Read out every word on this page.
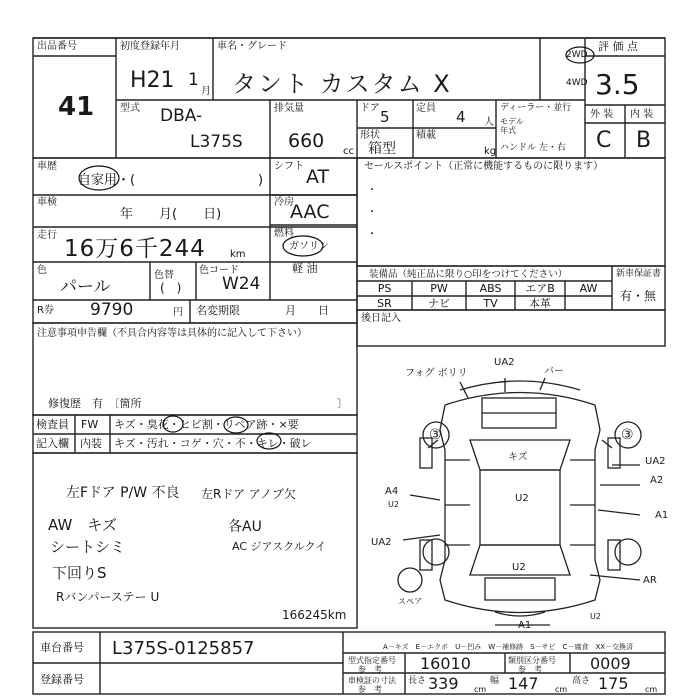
出品番号
41
初度登録年月
H21 1
月
車名・グレード
タント カスタム X
2WD
4WD
評 価 点
3.5
型式 DBA-
L375S
排気量
660 cc
ドア 5	定員 4 人
形状
箱型
積載
kg
ディーラー・並行
モデル
年式
ハンドル 左・右
外 装 内 装
C B
車歴
自家用・(	)
車検
年　　月(　　日)
走行
16万6千244 km
色
パール
色替
(　)
色コード
W24
シフト AT
冷房
AAC
燃料
ガソリン
軽 油
R券 9790	円 名変期限	月　　日
セールスポイント（正常に機能するものに限ります）
・
・
・
装備品（純正品に限り○印をつけてください）
PS	PW	ABS	エアB	AW
SR	ナビ	TV	本革
新車保証書
有・無
後日記入
注意事項申告欄（不具合内容等は具体的に記入して下さい）
修復歴　有　〔箇所	〕
検査員
記入欄
FW
内装
キズ・臭花・ヒビ割・リペア跡・×要
キズ・汚れ・コゲ・穴・不・キレ・破レ
左Fドア P/W 不良
AW　キズ
シートシミ
下回りS
Rバンパーステー U
左Rドア アノブ欠
各AU
AC ジアスクルクイ
166245km
フォグ ボリリ
UA2
バー
UA2
A2
A1
AR
A4
U2
UA2
キズ
U2
U2
A1
U2
スペア
③	③
A－キズ　E－エクボ　U－凹み　W－補修跡　S－サビ　C－腐食　XX－交換済
車台番号 L375S-0125857
登録番号
型式指定番号
参　考 16010	類別区分番号
参　考	0009
車検証の寸法
参　考
長さ 339 cm
幅 147 cm
高さ 175 cm
